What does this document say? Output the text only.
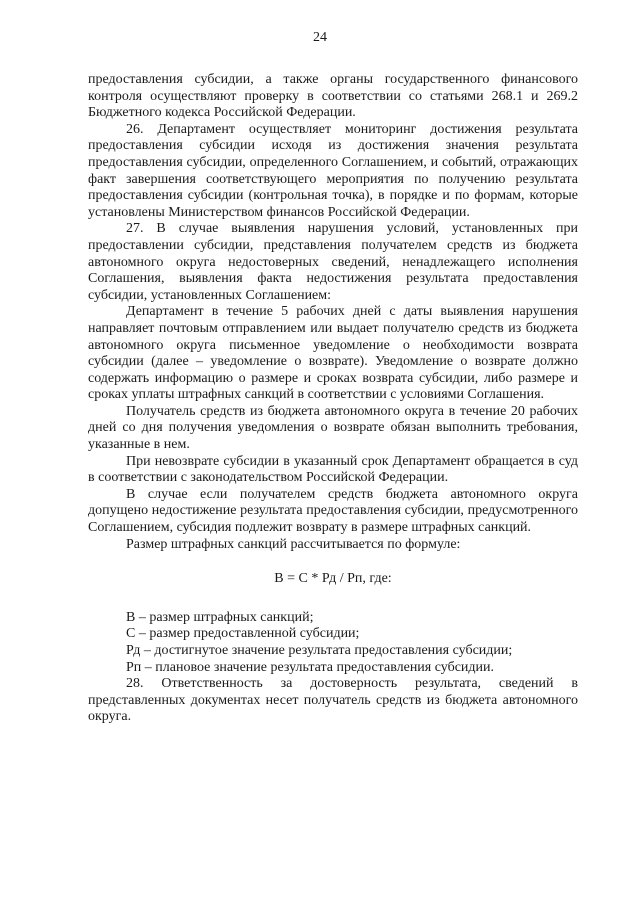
24

предоставления субсидии, а также органы государственного финансового контроля осуществляют проверку в соответствии со статьями 268.1 и 269.2 Бюджетного кодекса Российской Федерации.

26. Департамент осуществляет мониторинг достижения результата предоставления субсидии исходя из достижения значения результата предоставления субсидии, определенного Соглашением, и событий, отражающих факт завершения соответствующего мероприятия по получению результата предоставления субсидии (контрольная точка), в порядке и по формам, которые установлены Министерством финансов Российской Федерации.

27. В случае выявления нарушения условий, установленных при предоставлении субсидии, представления получателем средств из бюджета автономного округа недостоверных сведений, ненадлежащего исполнения Соглашения, выявления факта недостижения результата предоставления субсидии, установленных Соглашением:

Департамент в течение 5 рабочих дней с даты выявления нарушения направляет почтовым отправлением или выдает получателю средств из бюджета автономного округа письменное уведомление о необходимости возврата субсидии (далее – уведомление о возврате). Уведомление о возврате должно содержать информацию о размере и сроках возврата субсидии, либо размере и сроках уплаты штрафных санкций в соответствии с условиями Соглашения.

Получатель средств из бюджета автономного округа в течение 20 рабочих дней со дня получения уведомления о возврате обязан выполнить требования, указанные в нем.

При невозврате субсидии в указанный срок Департамент обращается в суд в соответствии с законодательством Российской Федерации.

В случае если получателем средств бюджета автономного округа допущено недостижение результата предоставления субсидии, предусмотренного Соглашением, субсидия подлежит возврату в размере штрафных санкций.

Размер штрафных санкций рассчитывается по формуле:

В = С * Рд / Рп, где:

В – размер штрафных санкций;

С – размер предоставленной субсидии;

Рд – достигнутое значение результата предоставления субсидии;

Рп – плановое значение результата предоставления субсидии.

28. Ответственность за достоверность результата, сведений в представленных документах несет получатель средств из бюджета автономного округа.
